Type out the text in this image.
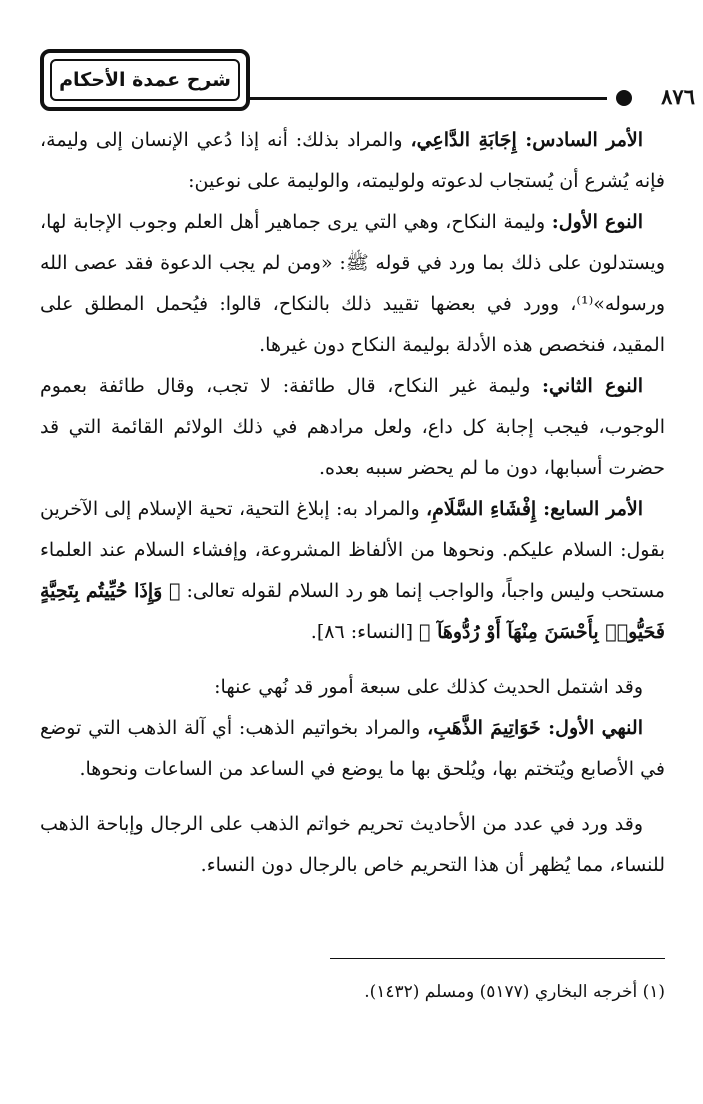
شرح عمدة الأحكام
٨٧٦

الأمر السادس: إِجَابَةِ الدَّاعِي، والمراد بذلك: أنه إذا دُعي الإنسان إلى وليمة، فإنه يُشرع أن يُستجاب لدعوته ولوليمته، والوليمة على نوعين:

النوع الأول: وليمة النكاح، وهي التي يرى جماهير أهل العلم وجوب الإجابة لها، ويستدلون على ذلك بما ورد في قوله ﷺ: «ومن لم يجب الدعوة فقد عصى الله ورسوله»⁽¹⁾، وورد في بعضها تقييد ذلك بالنكاح، قالوا: فيُحمل المطلق على المقيد، فنخصص هذه الأدلة بوليمة النكاح دون غيرها.

النوع الثاني: وليمة غير النكاح، قال طائفة: لا تجب، وقال طائفة بعموم الوجوب، فيجب إجابة كل داع، ولعل مرادهم في ذلك الولائم القائمة التي قد حضرت أسبابها، دون ما لم يحضر سببه بعده.

الأمر السابع: إِفْشَاءِ السَّلَامِ، والمراد به: إبلاغ التحية، تحية الإسلام إلى الآخرين بقول: السلام عليكم. ونحوها من الألفاظ المشروعة، وإفشاء السلام عند العلماء مستحب وليس واجباً، والواجب إنما هو رد السلام لقوله تعالى: ﴿ وَإِذَا حُيِّيتُم بِتَحِيَّةٍ فَحَيُّوا۟ بِأَحْسَنَ مِنْهَآ أَوْ رُدُّوهَآ ﴾ [النساء: ٨٦].

وقد اشتمل الحديث كذلك على سبعة أمور قد نُهي عنها:

النهي الأول: خَوَاتِيمَ الذَّهَبِ، والمراد بخواتيم الذهب: أي آلة الذهب التي توضع في الأصابع ويُتختم بها، ويُلحق بها ما يوضع في الساعد من الساعات ونحوها.

وقد ورد في عدد من الأحاديث تحريم خواتم الذهب على الرجال وإباحة الذهب للنساء، مما يُظهر أن هذا التحريم خاص بالرجال دون النساء.

(١) أخرجه البخاري (٥١٧٧) ومسلم (١٤٣٢).
